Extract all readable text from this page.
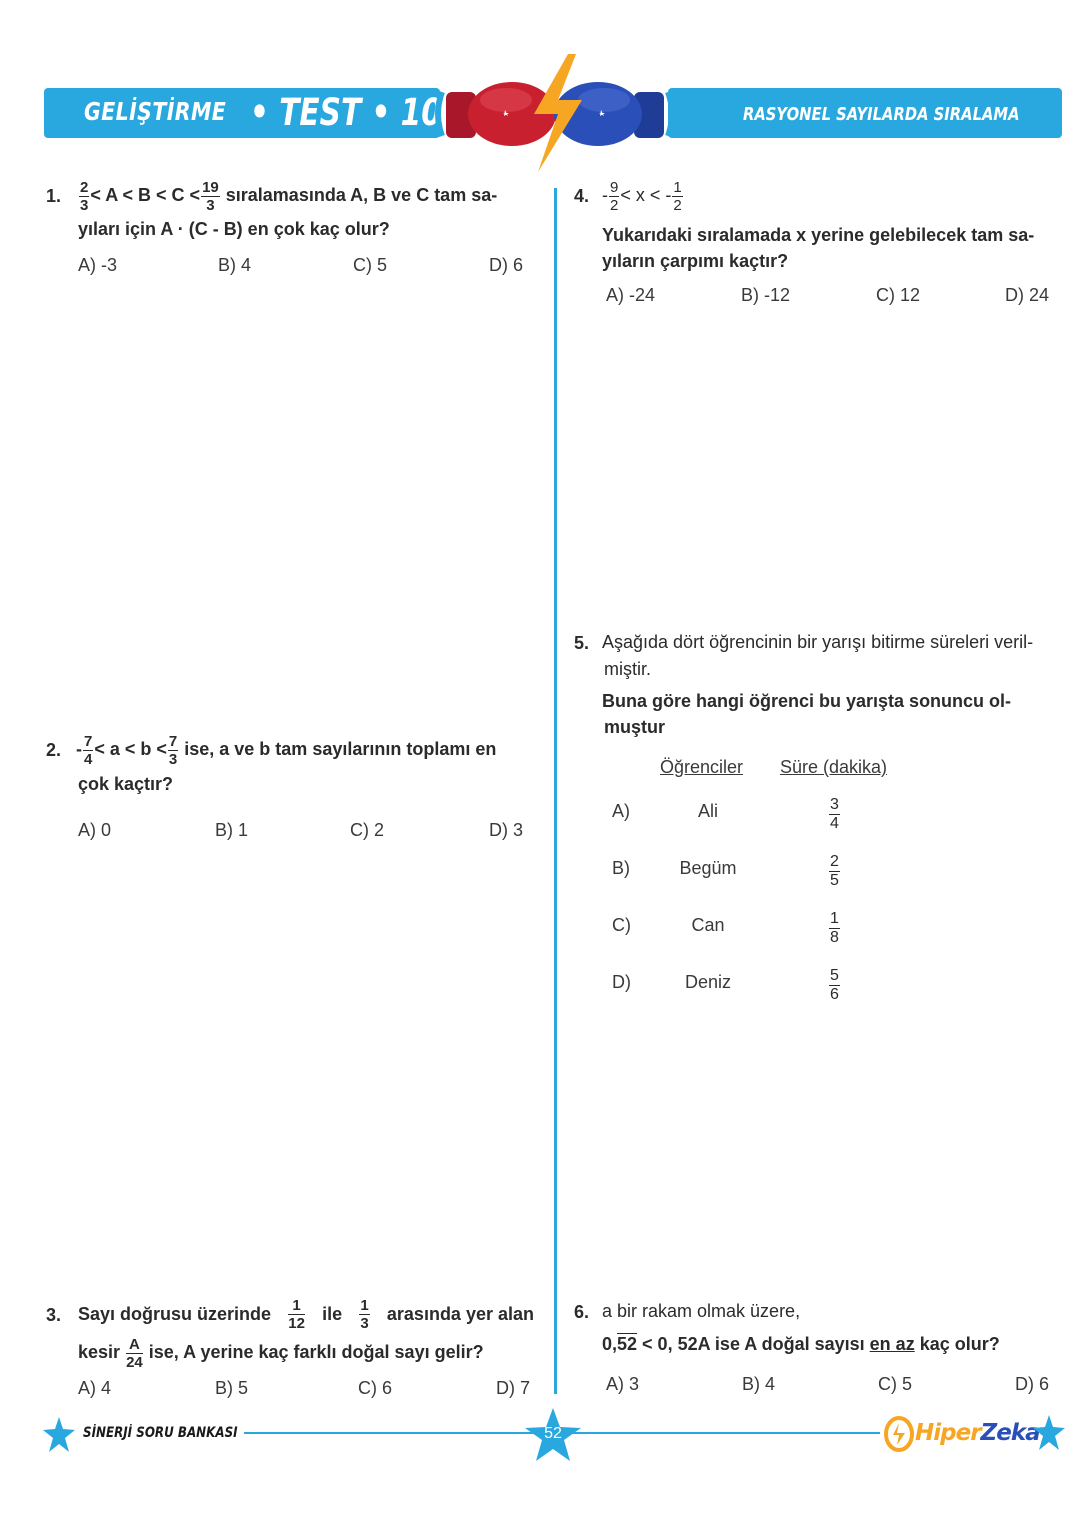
GELİŞTİRME • TEST • 10	RASYONEL SAYILARDA SIRALAMA
1. $\frac{2}{3} < A < B < C < \frac{19}{3}$ sıralamasında A, B ve C tam sa-
yıları için A · (C - B) en çok kaç olur?
A) -3	B) 4	C) 5	D) 6
2. - $\frac{7}{4} < a < b < \frac{7}{3}$ ise, a ve b tam sayılarının toplamı en
çok kaçtır?
A) 0	B) 1	C) 2	D) 3
3. Sayı doğrusu üzerinde $\frac{1}{12}$ ile $\frac{1}{3}$ arasında yer alan
kesir $\frac{A}{24}$ ise, A yerine kaç farklı doğal sayı gelir?
A) 4	B) 5	C) 6	D) 7
4. - $\frac{9}{2} < x$ < - $\frac{1}{2}$
Yukarıdaki sıralamada x yerine gelebilecek tam sa-
yıların çarpımı kaçtır?
A) -24	B) -12	C) 12	D) 24
5. Aşağıda dört öğrencinin bir yarışı bitirme süreleri veril-
miştir.
Buna göre hangi öğrenci bu yarışta sonuncu ol-
muştur
Öğrenciler	Süre (dakika)
A)	Ali	$\frac{3}{4}$
B)	Begüm	$\frac{2}{5}$
C)	Can	$\frac{1}{8}$
D)	Deniz	$\frac{5}{6}$
6. a bir rakam olmak üzere,
0,52 < 0, 52A ise A doğal sayısı en az kaç olur?
A) 3	B) 4	C) 5	D) 6
SİNERJİ SORU BANKASI	52	HiperZeka
